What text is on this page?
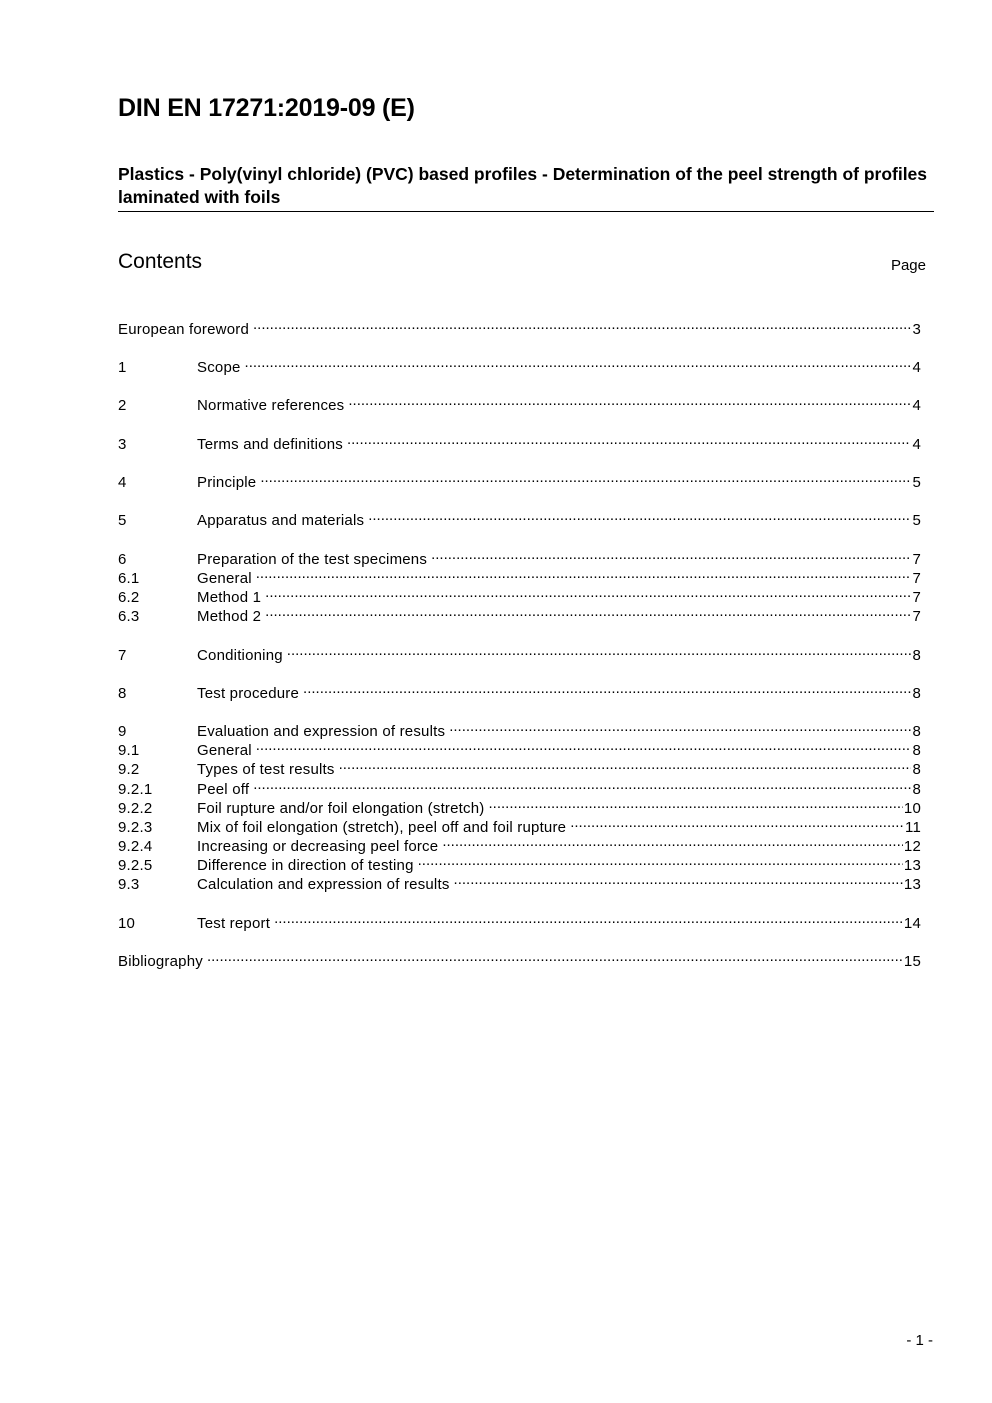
DIN EN 17271:2019-09 (E)
Plastics - Poly(vinyl chloride) (PVC) based profiles - Determination of the peel strength of profiles laminated with foils
Contents	Page
European foreword .....	3
1	Scope .....	4
2	Normative references .....	4
3	Terms and definitions .....	4
4	Principle .....	5
5	Apparatus and materials .....	5
6	Preparation of the test specimens .....	7
6.1	General .....	7
6.2	Method 1 .....	7
6.3	Method 2 .....	7
7	Conditioning .....	8
8	Test procedure .....	8
9	Evaluation and expression of results .....	8
9.1	General .....	8
9.2	Types of test results .....	8
9.2.1	Peel off .....	8
9.2.2	Foil rupture and/or foil elongation (stretch) .....	10
9.2.3	Mix of foil elongation (stretch), peel off and foil rupture .....	11
9.2.4	Increasing or decreasing peel force .....	12
9.2.5	Difference in direction of testing .....	13
9.3	Calculation and expression of results .....	13
10	Test report .....	14
Bibliography .....	15
- 1 -
